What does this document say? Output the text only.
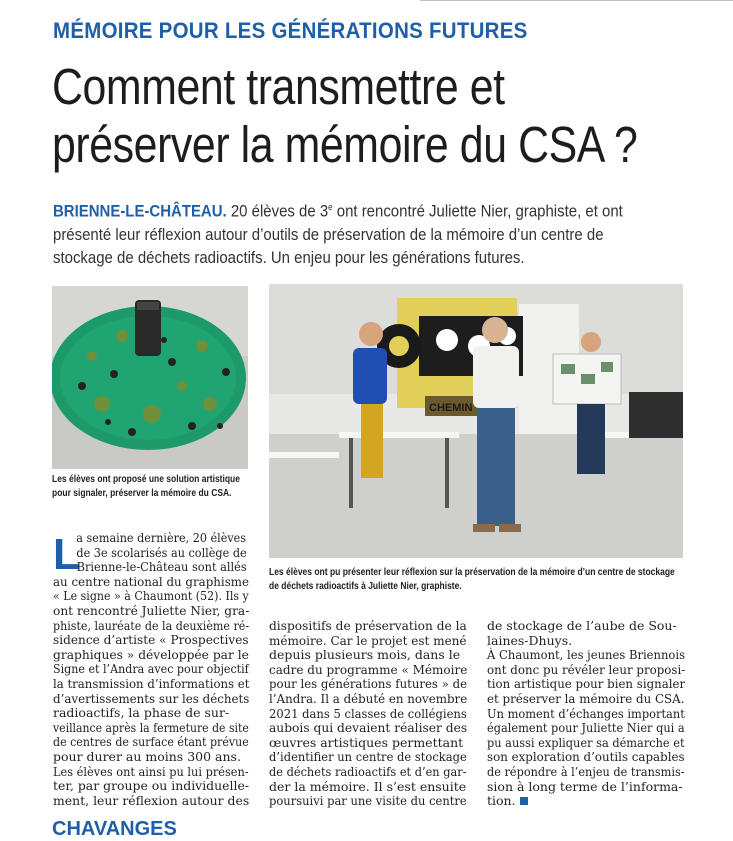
MÉMOIRE POUR LES GÉNÉRATIONS FUTURES
Comment transmettre et
préserver la mémoire du CSA ?
BRIENNE-LE-CHÂTEAU. 20 élèves de 3e ont rencontré Juliette Nier, graphiste, et ont
présenté leur réflexion autour d’outils de préservation de la mémoire d’un centre de
stockage de déchets radioactifs. Un enjeu pour les générations futures.
Les élèves ont proposé une solution artistique
pour signaler, préserver la mémoire du CSA.
CHEMIN
Les élèves ont pu présenter leur réflexion sur la préservation de la mémoire d’un centre de stockage
de déchets radioactifs à Juliette Nier, graphiste.
L
a semaine dernière, 20 élèves
de 3e scolarisés au collège de
Brienne-le-Château sont allés
au centre national du graphisme
« Le signe » à Chaumont (52). Ils y
ont rencontré Juliette Nier, gra-
phiste, lauréate de la deuxième ré-
sidence d’artiste « Prospectives
graphiques » développée par le
Signe et l’Andra avec pour objectif
la transmission d’informations et
d’avertissements sur les déchets
radioactifs, la phase de sur-
veillance après la fermeture de site
de centres de surface étant prévue
pour durer au moins 300 ans.
Les élèves ont ainsi pu lui présen-
ter, par groupe ou individuelle-
ment, leur réflexion autour des
dispositifs de préservation de la
mémoire. Car le projet est mené
depuis plusieurs mois, dans le
cadre du programme « Mémoire
pour les générations futures » de
l’Andra. Il a débuté en novembre
2021 dans 5 classes de collégiens
aubois qui devaient réaliser des
œuvres artistiques permettant
d’identifier un centre de stockage
de déchets radioactifs et d’en gar-
der la mémoire. Il s’est ensuite
poursuivi par une visite du centre
de stockage de l’aube de Sou-
laines-Dhuys.
À Chaumont, les jeunes Briennois
ont donc pu révéler leur proposi-
tion artistique pour bien signaler
et préserver la mémoire du CSA.
Un moment d’échanges important
également pour Juliette Nier qui a
pu aussi expliquer sa démarche et
son exploration d’outils capables
de répondre à l’enjeu de transmis-
sion à long terme de l’informa-
tion.
CHAVANGES
